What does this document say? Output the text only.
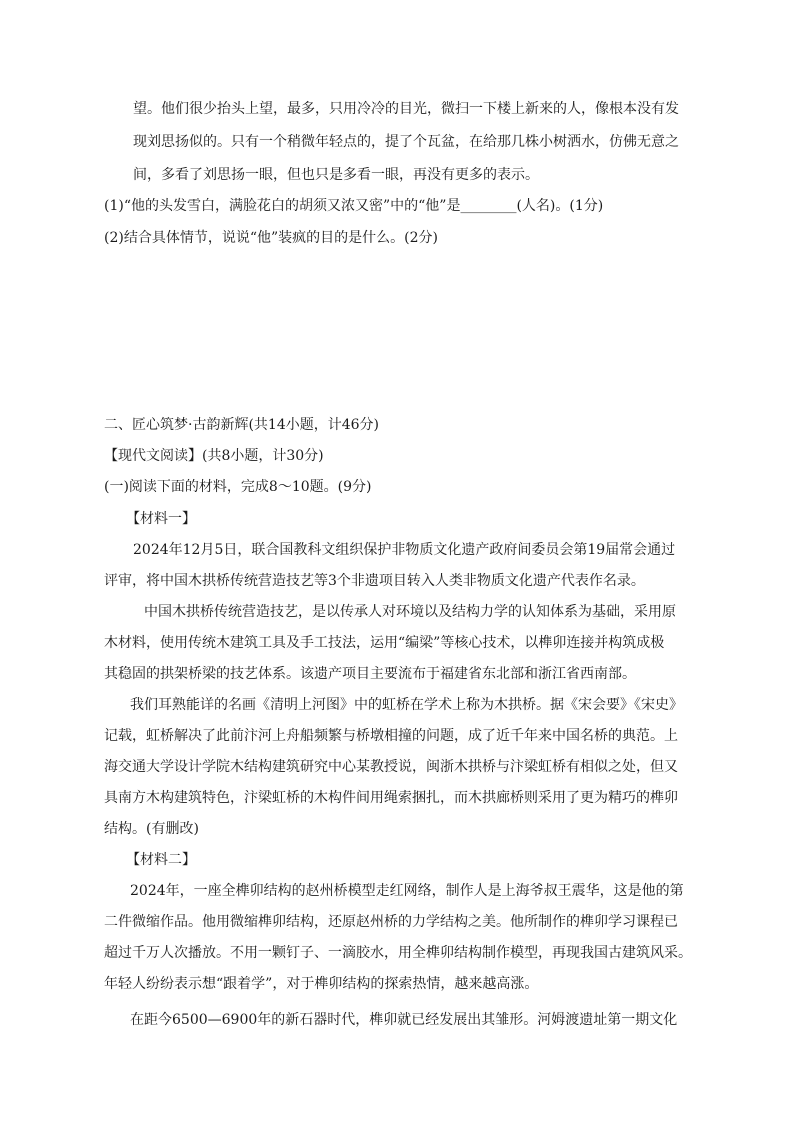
望。他们很少抬头上望，最多，只用冷冷的目光，微扫一下楼上新来的人，像根本没有发
现刘思扬似的。只有一个稍微年轻点的，提了个瓦盆，在给那几株小树洒水，仿佛无意之
间，多看了刘思扬一眼，但也只是多看一眼，再没有更多的表示。
(1)“他的头发雪白，满脸花白的胡须又浓又密”中的“他”是________(人名)。(1分)
(2)结合具体情节，说说“他”装疯的目的是什么。(2分)
二、匠心筑梦·古韵新辉(共14小题，计46分)
【现代文阅读】(共8小题，计30分)
(一)阅读下面的材料，完成8～10题。(9分)
【材料一】
2024年12月5日，联合国教科文组织保护非物质文化遗产政府间委员会第19届常会通过
评审，将中国木拱桥传统营造技艺等3个非遗项目转入人类非物质文化遗产代表作名录。
中国木拱桥传统营造技艺，是以传承人对环境以及结构力学的认知体系为基础，采用原
木材料，使用传统木建筑工具及手工技法，运用“编梁”等核心技术，以榫卯连接并构筑成极
其稳固的拱架桥梁的技艺体系。该遗产项目主要流布于福建省东北部和浙江省西南部。
我们耳熟能详的名画《清明上河图》中的虹桥在学术上称为木拱桥。据《宋会要》《宋史》
记载，虹桥解决了此前汴河上舟船频繁与桥墩相撞的问题，成了近千年来中国名桥的典范。上
海交通大学设计学院木结构建筑研究中心某教授说，闽浙木拱桥与汴梁虹桥有相似之处，但又
具南方木构建筑特色，汴梁虹桥的木构件间用绳索捆扎，而木拱廊桥则采用了更为精巧的榫卯
结构。(有删改)
【材料二】
2024年，一座全榫卯结构的赵州桥模型走红网络，制作人是上海爷叔王震华，这是他的第
二件微缩作品。他用微缩榫卯结构，还原赵州桥的力学结构之美。他所制作的榫卯学习课程已
超过千万人次播放。不用一颗钉子、一滴胶水，用全榫卯结构制作模型，再现我国古建筑风采。
年轻人纷纷表示想“跟着学”，对于榫卯结构的探索热情，越来越高涨。
在距今6500—6900年的新石器时代，榫卯就已经发展出其雏形。河姆渡遗址第一期文化
